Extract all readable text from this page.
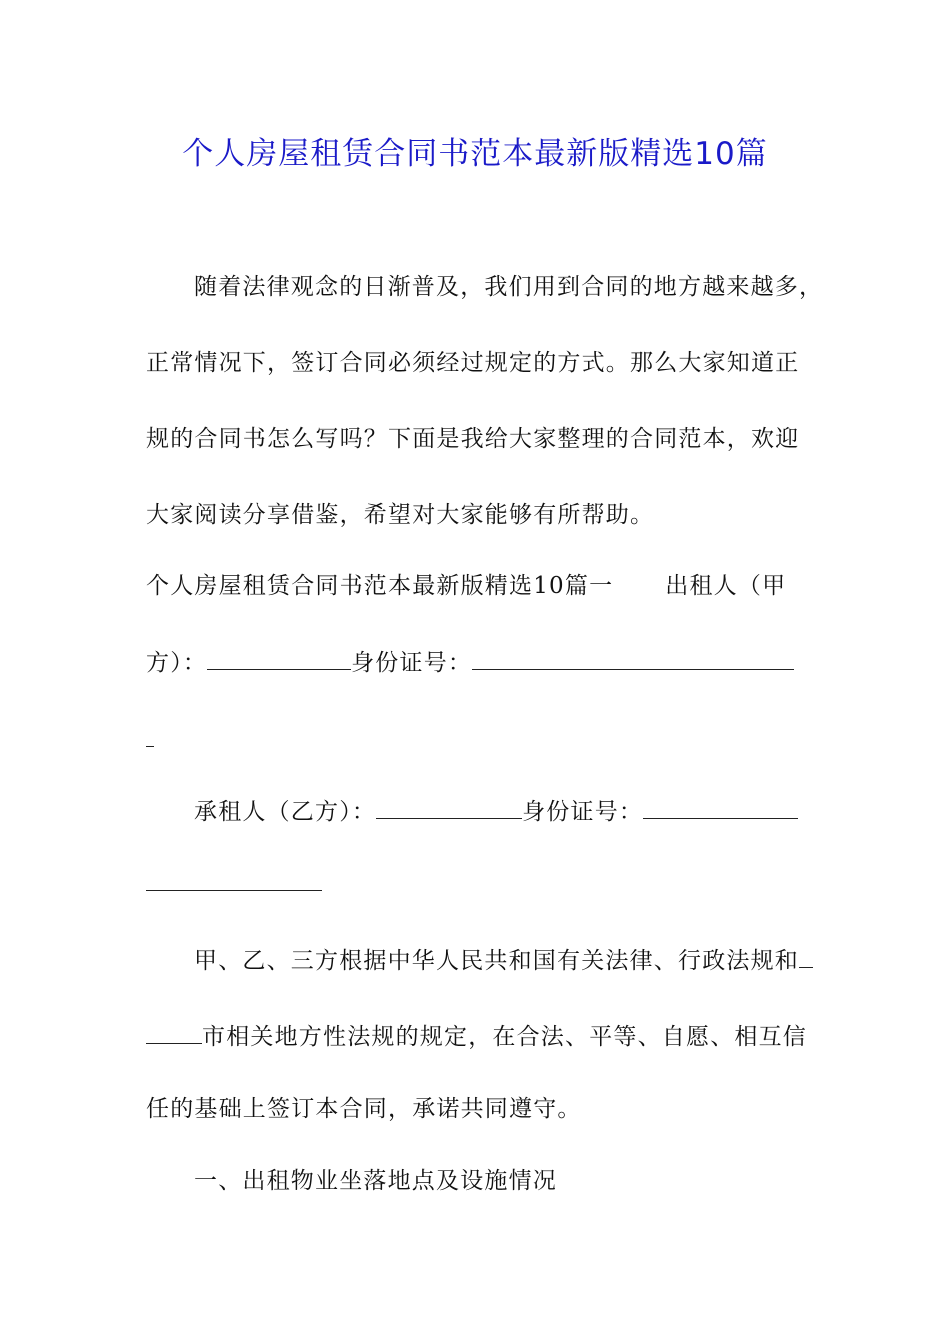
个人房屋租赁合同书范本最新版精选10篇
随着法律观念的日渐普及，我们用到合同的地方越来越多，
正常情况下，签订合同必须经过规定的方式。那么大家知道正
规的合同书怎么写吗？下面是我给大家整理的合同范本，欢迎
大家阅读分享借鉴，希望对大家能够有所帮助。
个人房屋租赁合同书范本最新版精选10篇一 出租人（甲
方）：	身份证号：
承租人（乙方）：	身份证号：
甲、乙、三方根据中华人民共和国有关法律、行政法规和
市相关地方性法规的规定，在合法、平等、自愿、相互信
任的基础上签订本合同，承诺共同遵守。
一、出租物业坐落地点及设施情况
